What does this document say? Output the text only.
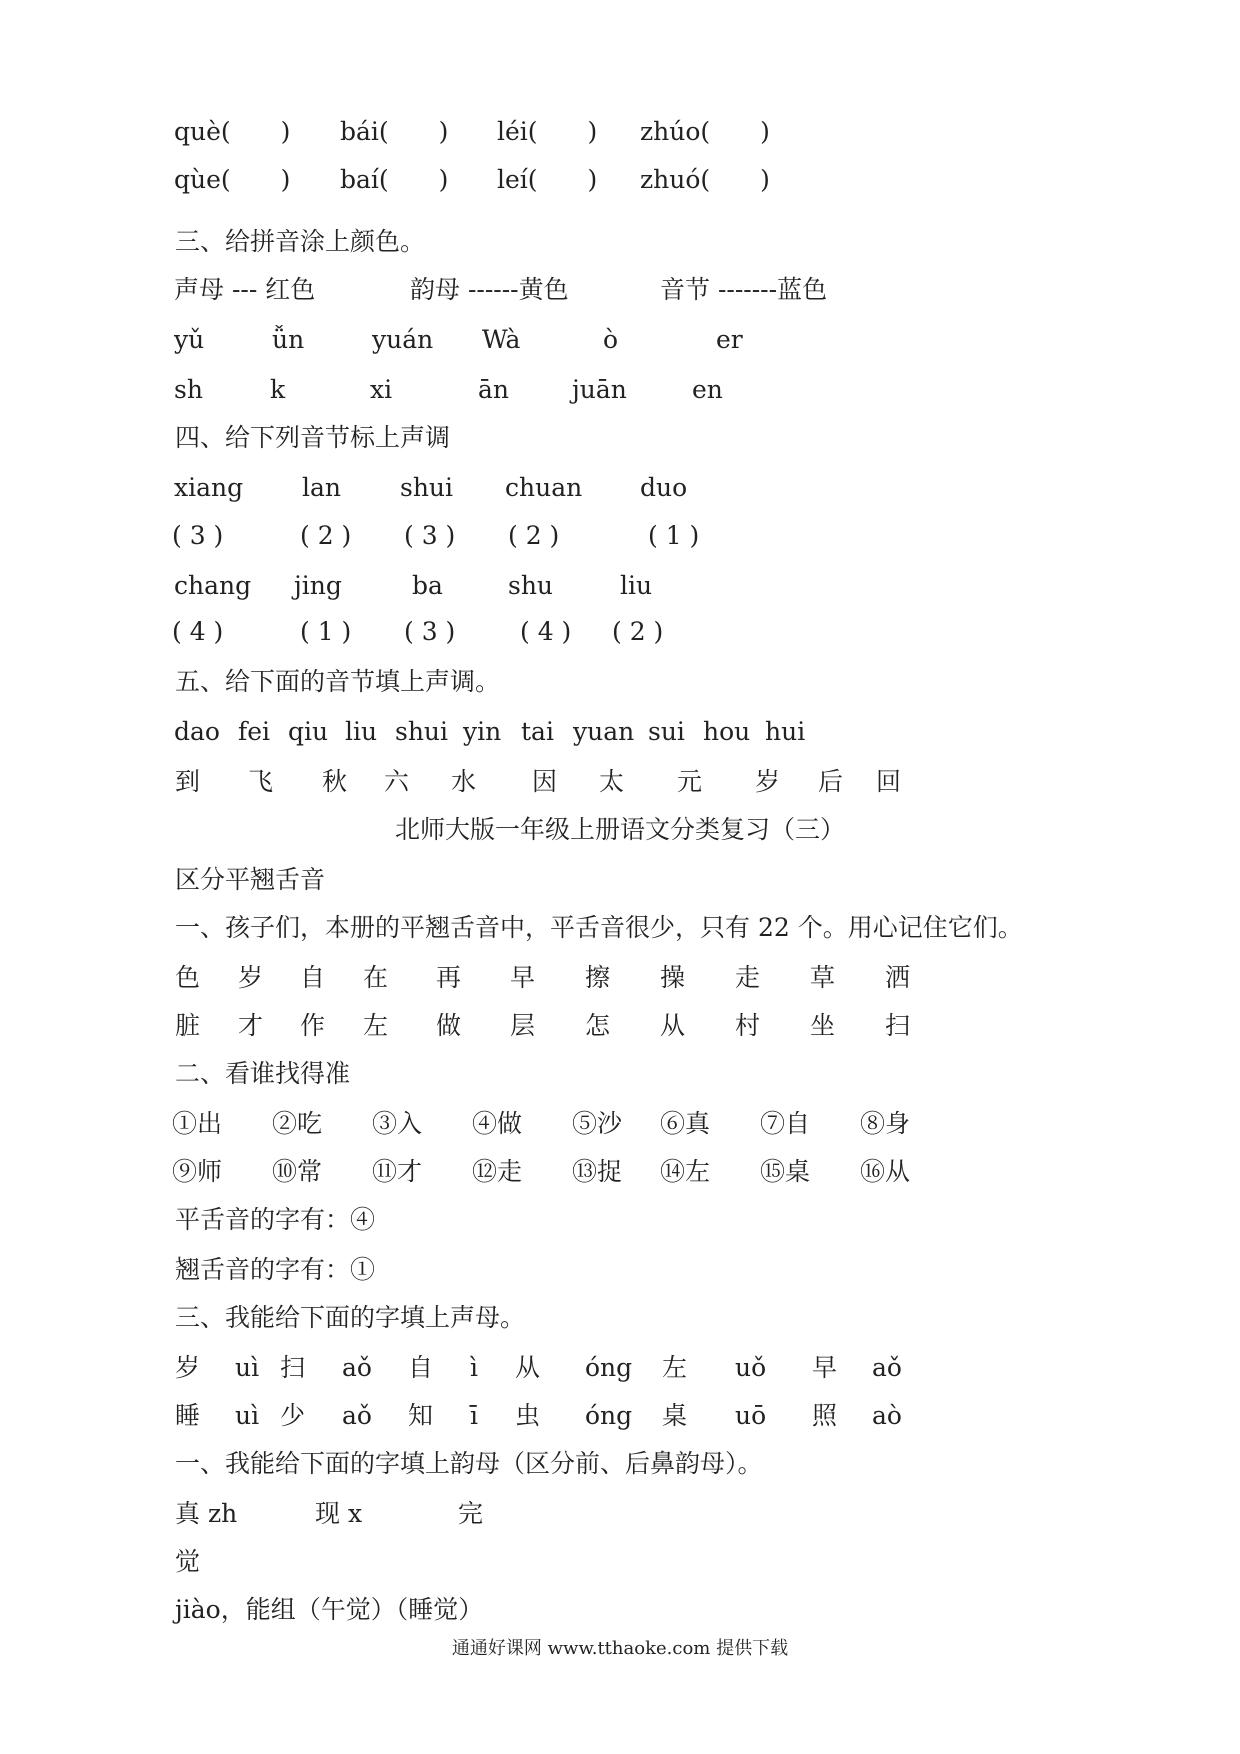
què(　　) bái(　　) léi(　　) zhúo(　　)
qùe(　　) baí(　　) leí(　　) zhuó(　　)
三、给拼音涂上颜色。
声母 --- 红色	韵母 ------黄色	音节 -------蓝色
yǔ	ǚn	yuán Wà	ò	er
sh	k	xi	ān	juān	en
四、给下列音节标上声调
xiang lan shui chuan duo
( 3 )	( 2 ) ( 3 ) ( 2 )	( 1 )
chang jing	ba	shu	liu
( 4 )	( 1 ) ( 3 )	( 4 ) ( 2 )
五、给下面的音节填上声调。
dao fei qiu liu shui yin tai yuan sui hou hui
到 飞 秋 六 水 因 太 元 岁 后 回
北师大版一年级上册语文分类复习（三）
区分平翘舌音
一、孩子们，本册的平翘舌音中，平舌音很少，只有 22 个。用心记住它们。
色 岁 自 在 再 早 擦 操 走 草 洒
脏 才 作 左 做 层 怎 从 村 坐 扫
二、看谁找得准
①出 ②吃 ③入 ④做 ⑤沙 ⑥真 ⑦自 ⑧身
⑨师 ⑩常 ⑪才 ⑫走 ⑬捉 ⑭左 ⑮桌 ⑯从
平舌音的字有：④
翘舌音的字有：①
三、我能给下面的字填上声母。
岁 uì 扫 aǒ 自 ì 从 óng 左 uǒ 早 aǒ
睡 uì 少 aǒ 知 ī 虫 óng 桌 uō 照 aò
一、我能给下面的字填上韵母（区分前、后鼻韵母）。
真 zh	现 x	完
觉
jiào，能组（午觉）（睡觉）
通通好课网 www.tthaoke.com 提供下载
